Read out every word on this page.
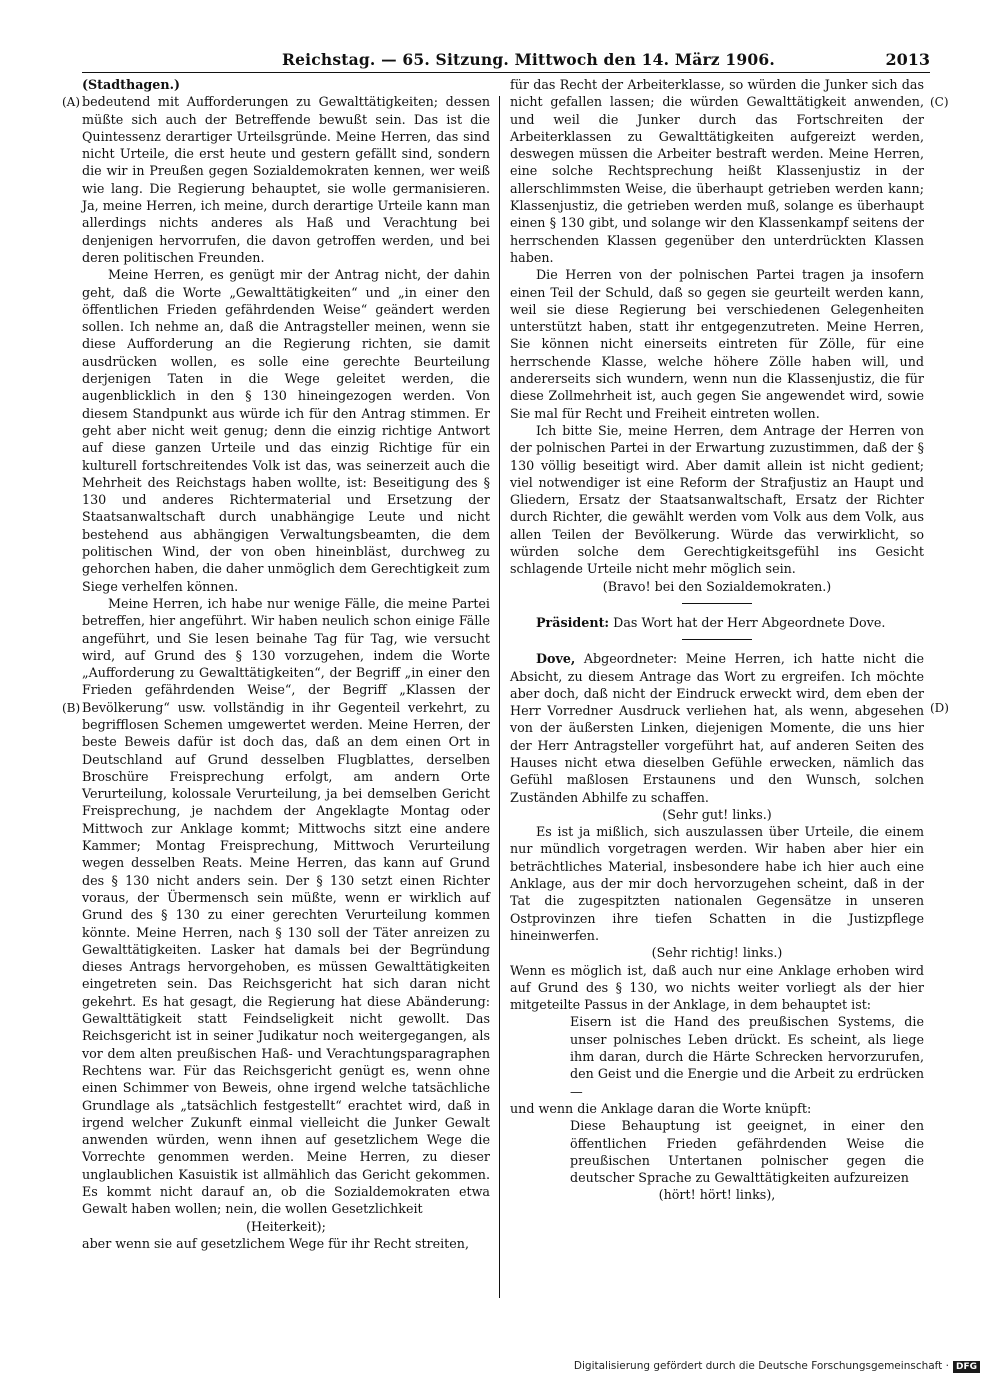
Reichstag. — 65. Sitzung. Mittwoch den 14. März 1906.	2013
(A)
(B)
(C)
(D)

(Stadthagen.)

bedeutend mit Aufforderungen zu Gewalttätigkeiten; dessen müßte sich auch der Betreffende bewußt sein. Das ist die Quintessenz derartiger Urteilsgründe. Meine Herren, das sind nicht Urteile, die erst heute und gestern gefällt sind, sondern die wir in Preußen gegen Sozialdemokraten kennen, wer weiß wie lang. Die Regierung behauptet, sie wolle germanisieren. Ja, meine Herren, ich meine, durch derartige Urteile kann man allerdings nichts anderes als Haß und Verachtung bei denjenigen hervorrufen, die davon getroffen werden, und bei deren politischen Freunden.

Meine Herren, es genügt mir der Antrag nicht, der dahin geht, daß die Worte „Gewalttätigkeiten“ und „in einer den öffentlichen Frieden gefährdenden Weise“ geändert werden sollen. Ich nehme an, daß die Antragsteller meinen, wenn sie diese Aufforderung an die Regierung richten, sie damit ausdrücken wollen, es solle eine gerechte Beurteilung derjenigen Taten in die Wege geleitet werden, die augenblicklich in den § 130 hineingezogen werden. Von diesem Standpunkt aus würde ich für den Antrag stimmen. Er geht aber nicht weit genug; denn die einzig richtige Antwort auf diese ganzen Urteile und das einzig Richtige für ein kulturell fortschreitendes Volk ist das, was seinerzeit auch die Mehrheit des Reichstags haben wollte, ist: Beseitigung des § 130 und anderes Richtermaterial und Ersetzung der Staatsanwaltschaft durch unabhängige Leute und nicht bestehend aus abhängigen Verwaltungsbeamten, die dem politischen Wind, der von oben hineinbläst, durchweg zu gehorchen haben, die daher unmöglich dem Gerechtigkeit zum Siege verhelfen können.

Meine Herren, ich habe nur wenige Fälle, die meine Partei betreffen, hier angeführt. Wir haben neulich schon einige Fälle angeführt, und Sie lesen beinahe Tag für Tag, wie versucht wird, auf Grund des § 130 vorzugehen, indem die Worte „Aufforderung zu Gewalttätigkeiten“, der Begriff „in einer den Frieden gefährdenden Weise“, der Begriff „Klassen der Bevölkerung“ usw. vollständig in ihr Gegenteil verkehrt, zu begrifflosen Schemen umgewertet werden. Meine Herren, der beste Beweis dafür ist doch das, daß an dem einen Ort in Deutschland auf Grund desselben Flugblattes, derselben Broschüre Freisprechung erfolgt, am andern Orte Verurteilung, kolossale Verurteilung, ja bei demselben Gericht Freisprechung, je nachdem der Angeklagte Montag oder Mittwoch zur Anklage kommt; Mittwochs sitzt eine andere Kammer; Montag Freisprechung, Mittwoch Verurteilung wegen desselben Reats. Meine Herren, das kann auf Grund des § 130 nicht anders sein. Der § 130 setzt einen Richter voraus, der Übermensch sein müßte, wenn er wirklich auf Grund des § 130 zu einer gerechten Verurteilung kommen könnte. Meine Herren, nach § 130 soll der Täter anreizen zu Gewalttätigkeiten. Lasker hat damals bei der Begründung dieses Antrags hervorgehoben, es müssen Gewalttätigkeiten eingetreten sein. Das Reichsgericht hat sich daran nicht gekehrt. Es hat gesagt, die Regierung hat diese Abänderung: Gewalttätigkeit statt Feindseligkeit nicht gewollt. Das Reichsgericht ist in seiner Judikatur noch weitergegangen, als vor dem alten preußischen Haß- und Verachtungsparagraphen Rechtens war. Für das Reichsgericht genügt es, wenn ohne einen Schimmer von Beweis, ohne irgend welche tatsächliche Grundlage als „tatsächlich festgestellt“ erachtet wird, daß in irgend welcher Zukunft einmal vielleicht die Junker Gewalt anwenden würden, wenn ihnen auf gesetzlichem Wege die Vorrechte genommen werden. Meine Herren, zu dieser unglaublichen Kasuistik ist allmählich das Gericht gekommen. Es kommt nicht darauf an, ob die Sozialdemokraten etwa Gewalt haben wollen; nein, die wollen Gesetzlichkeit

(Heiterkeit);

aber wenn sie auf gesetzlichem Wege für ihr Recht streiten,

für das Recht der Arbeiterklasse, so würden die Junker sich das nicht gefallen lassen; die würden Gewalttätigkeit anwenden, und weil die Junker durch das Fortschreiten der Arbeiterklassen zu Gewalttätigkeiten aufgereizt werden, deswegen müssen die Arbeiter bestraft werden. Meine Herren, eine solche Rechtsprechung heißt Klassenjustiz in der allerschlimmsten Weise, die überhaupt getrieben werden kann; Klassenjustiz, die getrieben werden muß, solange es überhaupt einen § 130 gibt, und solange wir den Klassenkampf seitens der herrschenden Klassen gegenüber den unterdrückten Klassen haben.

Die Herren von der polnischen Partei tragen ja insofern einen Teil der Schuld, daß so gegen sie geurteilt werden kann, weil sie diese Regierung bei verschiedenen Gelegenheiten unterstützt haben, statt ihr entgegenzutreten. Meine Herren, Sie können nicht einerseits eintreten für Zölle, für eine herrschende Klasse, welche höhere Zölle haben will, und andererseits sich wundern, wenn nun die Klassenjustiz, die für diese Zollmehrheit ist, auch gegen Sie angewendet wird, sowie Sie mal für Recht und Freiheit eintreten wollen.

Ich bitte Sie, meine Herren, dem Antrage der Herren von der polnischen Partei in der Erwartung zuzustimmen, daß der § 130 völlig beseitigt wird. Aber damit allein ist nicht gedient; viel notwendiger ist eine Reform der Strafjustiz an Haupt und Gliedern, Ersatz der Staatsanwaltschaft, Ersatz der Richter durch Richter, die gewählt werden vom Volk aus dem Volk, aus allen Teilen der Bevölkerung. Würde das verwirklicht, so würden solche dem Gerechtigkeitsgefühl ins Gesicht schlagende Urteile nicht mehr möglich sein.

(Bravo! bei den Sozialdemokraten.)

Präsident: Das Wort hat der Herr Abgeordnete Dove.

Dove, Abgeordneter: Meine Herren, ich hatte nicht die Absicht, zu diesem Antrage das Wort zu ergreifen. Ich möchte aber doch, daß nicht der Eindruck erweckt wird, dem eben der Herr Vorredner Ausdruck verliehen hat, als wenn, abgesehen von der äußersten Linken, diejenigen Momente, die uns hier der Herr Antragsteller vorgeführt hat, auf anderen Seiten des Hauses nicht etwa dieselben Gefühle erwecken, nämlich das Gefühl maßlosen Erstaunens und den Wunsch, solchen Zuständen Abhilfe zu schaffen.

(Sehr gut! links.)

Es ist ja mißlich, sich auszulassen über Urteile, die einem nur mündlich vorgetragen werden. Wir haben aber hier ein beträchtliches Material, insbesondere habe ich hier auch eine Anklage, aus der mir doch hervorzugehen scheint, daß in der Tat die zugespitzten nationalen Gegensätze in unseren Ostprovinzen ihre tiefen Schatten in die Justizpflege hineinwerfen.

(Sehr richtig! links.)

Wenn es möglich ist, daß auch nur eine Anklage erhoben wird auf Grund des § 130, wo nichts weiter vorliegt als der hier mitgeteilte Passus in der Anklage, in dem behauptet ist:

Eisern ist die Hand des preußischen Systems, die unser polnisches Leben drückt. Es scheint, als liege ihm daran, durch die Härte Schrecken hervorzurufen, den Geist und die Energie und die Arbeit zu erdrücken —

und wenn die Anklage daran die Worte knüpft:

Diese Behauptung ist geeignet, in einer den öffentlichen Frieden gefährdenden Weise die preußischen Untertanen polnischer gegen die deutscher Sprache zu Gewalttätigkeiten aufzureizen

(hört! hört! links),

Digitalisierung gefördert durch die Deutsche Forschungsgemeinschaft · DFG
